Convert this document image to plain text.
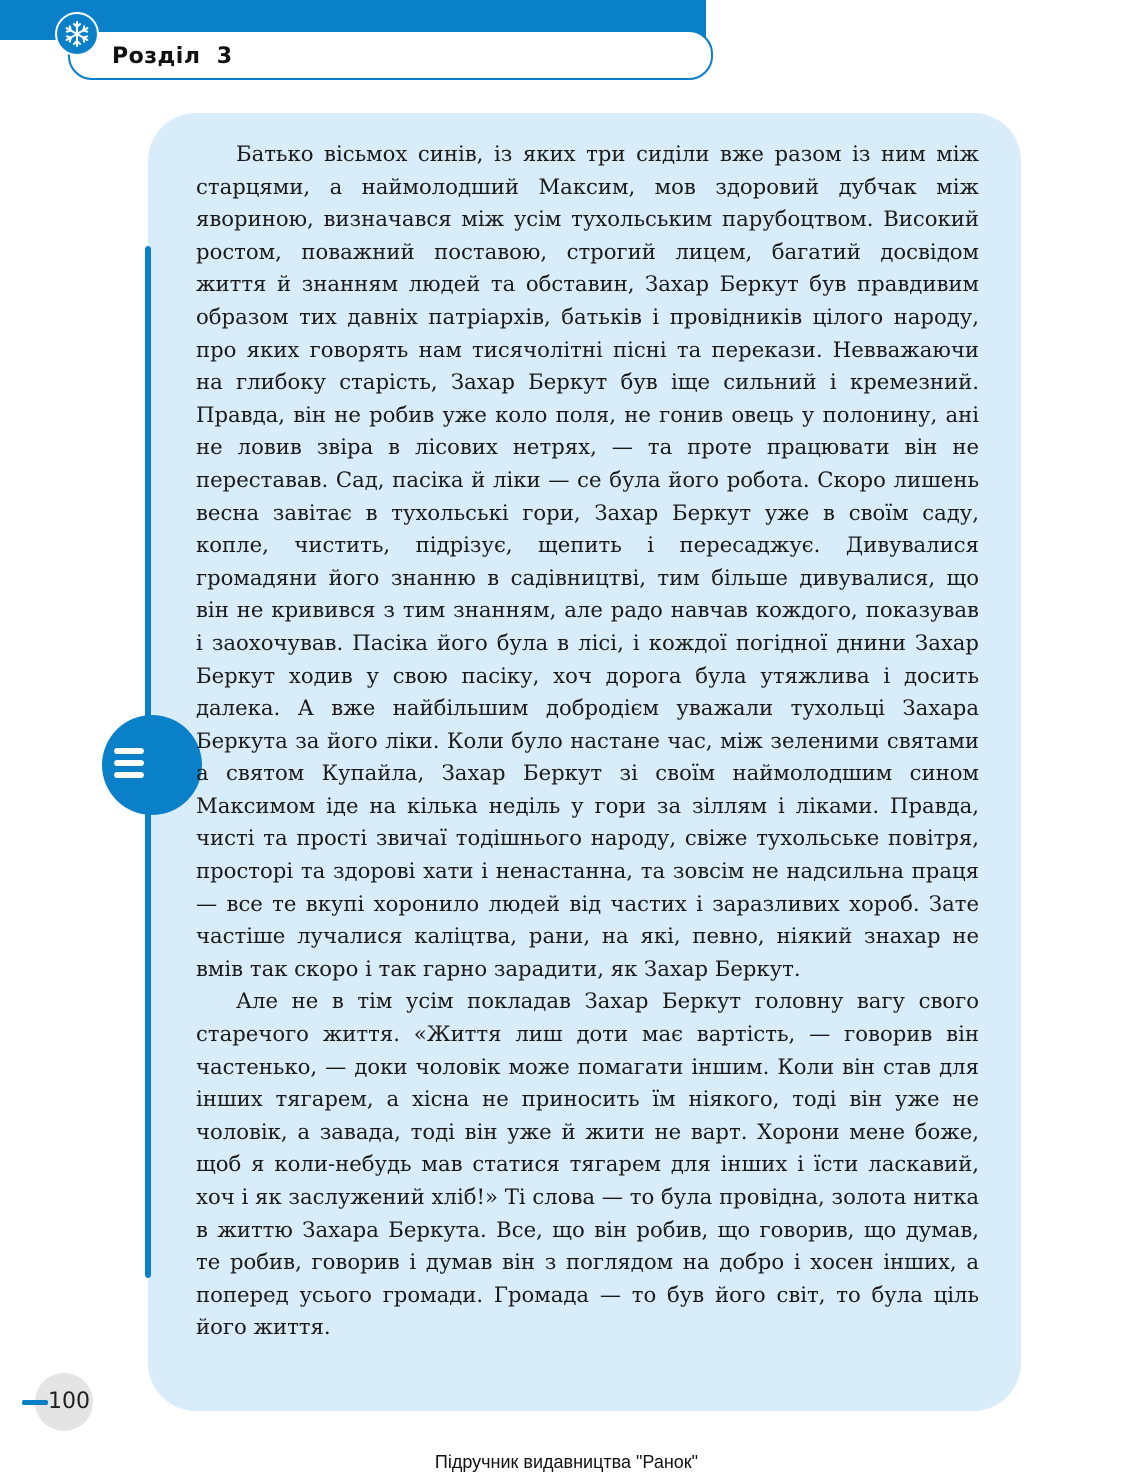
Розділ  3

Батько вісьмох синів, із яких три сиділи вже разом із ним між старцями, а наймолодший Максим, мов здоровий дубчак між явориною, визначався між усім тухольським парубоцтвом. Високий ростом, поважний поставою, строгий лицем, багатий досвідом життя й знанням людей та обставин, Захар Беркут був правдивим образом тих давніх патріархів, батьків і провідників цілого народу, про яких говорять нам тисячолітні пісні та перекази. Невважаючи на глибоку старість, Захар Беркут був іще сильний і кремезний. Правда, він не робив уже коло поля, не гонив овець у полонину, ані не ловив звіра в лісових нетрях, — та проте працювати він не переставав. Сад, пасіка й ліки — се була його робота. Скоро лишень весна завітає в тухольські гори, Захар Беркут уже в своїм саду, копле, чистить, підрізує, щепить і пересаджує. Дивувалися громадяни його знанню в садівництві, тим більше дивувалися, що він не кривився з тим знанням, але радо навчав кождого, показував і заохочував. Пасіка його була в лісі, і кождої погідної днини Захар Беркут ходив у свою пасіку, хоч дорога була утяжлива і досить далека. А вже найбільшим добродієм уважали тухольці Захара Беркута за його ліки. Коли було настане час, між зеленими святами а святом Купайла, Захар Беркут зі своїм наймолодшим сином Максимом іде на кілька неділь у гори за зіллям і ліками. Правда, чисті та прості звичаї тодішнього народу, свіже тухольське повітря, просторі та здорові хати і ненастанна, та зовсім не надсильна праця — все те вкупі хоронило людей від частих і заразливих хороб. Зате частіше лучалися каліцтва, рани, на які, певно, ніякий знахар не вмів так скоро і так гарно зарадити, як Захар Беркут.

Але не в тім усім покладав Захар Беркут головну вагу свого старечого життя. «Життя лиш доти має вартість, — говорив він частенько, — доки чоловік може помагати іншим. Коли він став для інших тягарем, а хісна не приносить їм ніякого, тоді він уже не чоловік, а завада, тоді він уже й жити не варт. Хорони мене боже, щоб я коли-небудь мав статися тягарем для інших і їсти ласкавий, хоч і як заслужений хліб!» Ті слова — то була провідна, золота нитка в життю Захара Беркута. Все, що він робив, що говорив, що думав, те робив, говорив і думав він з поглядом на добро і хосен інших, а поперед усього громади. Громада — то був його світ, то була ціль його життя.

100
Підручник видавництва "Ранок"
